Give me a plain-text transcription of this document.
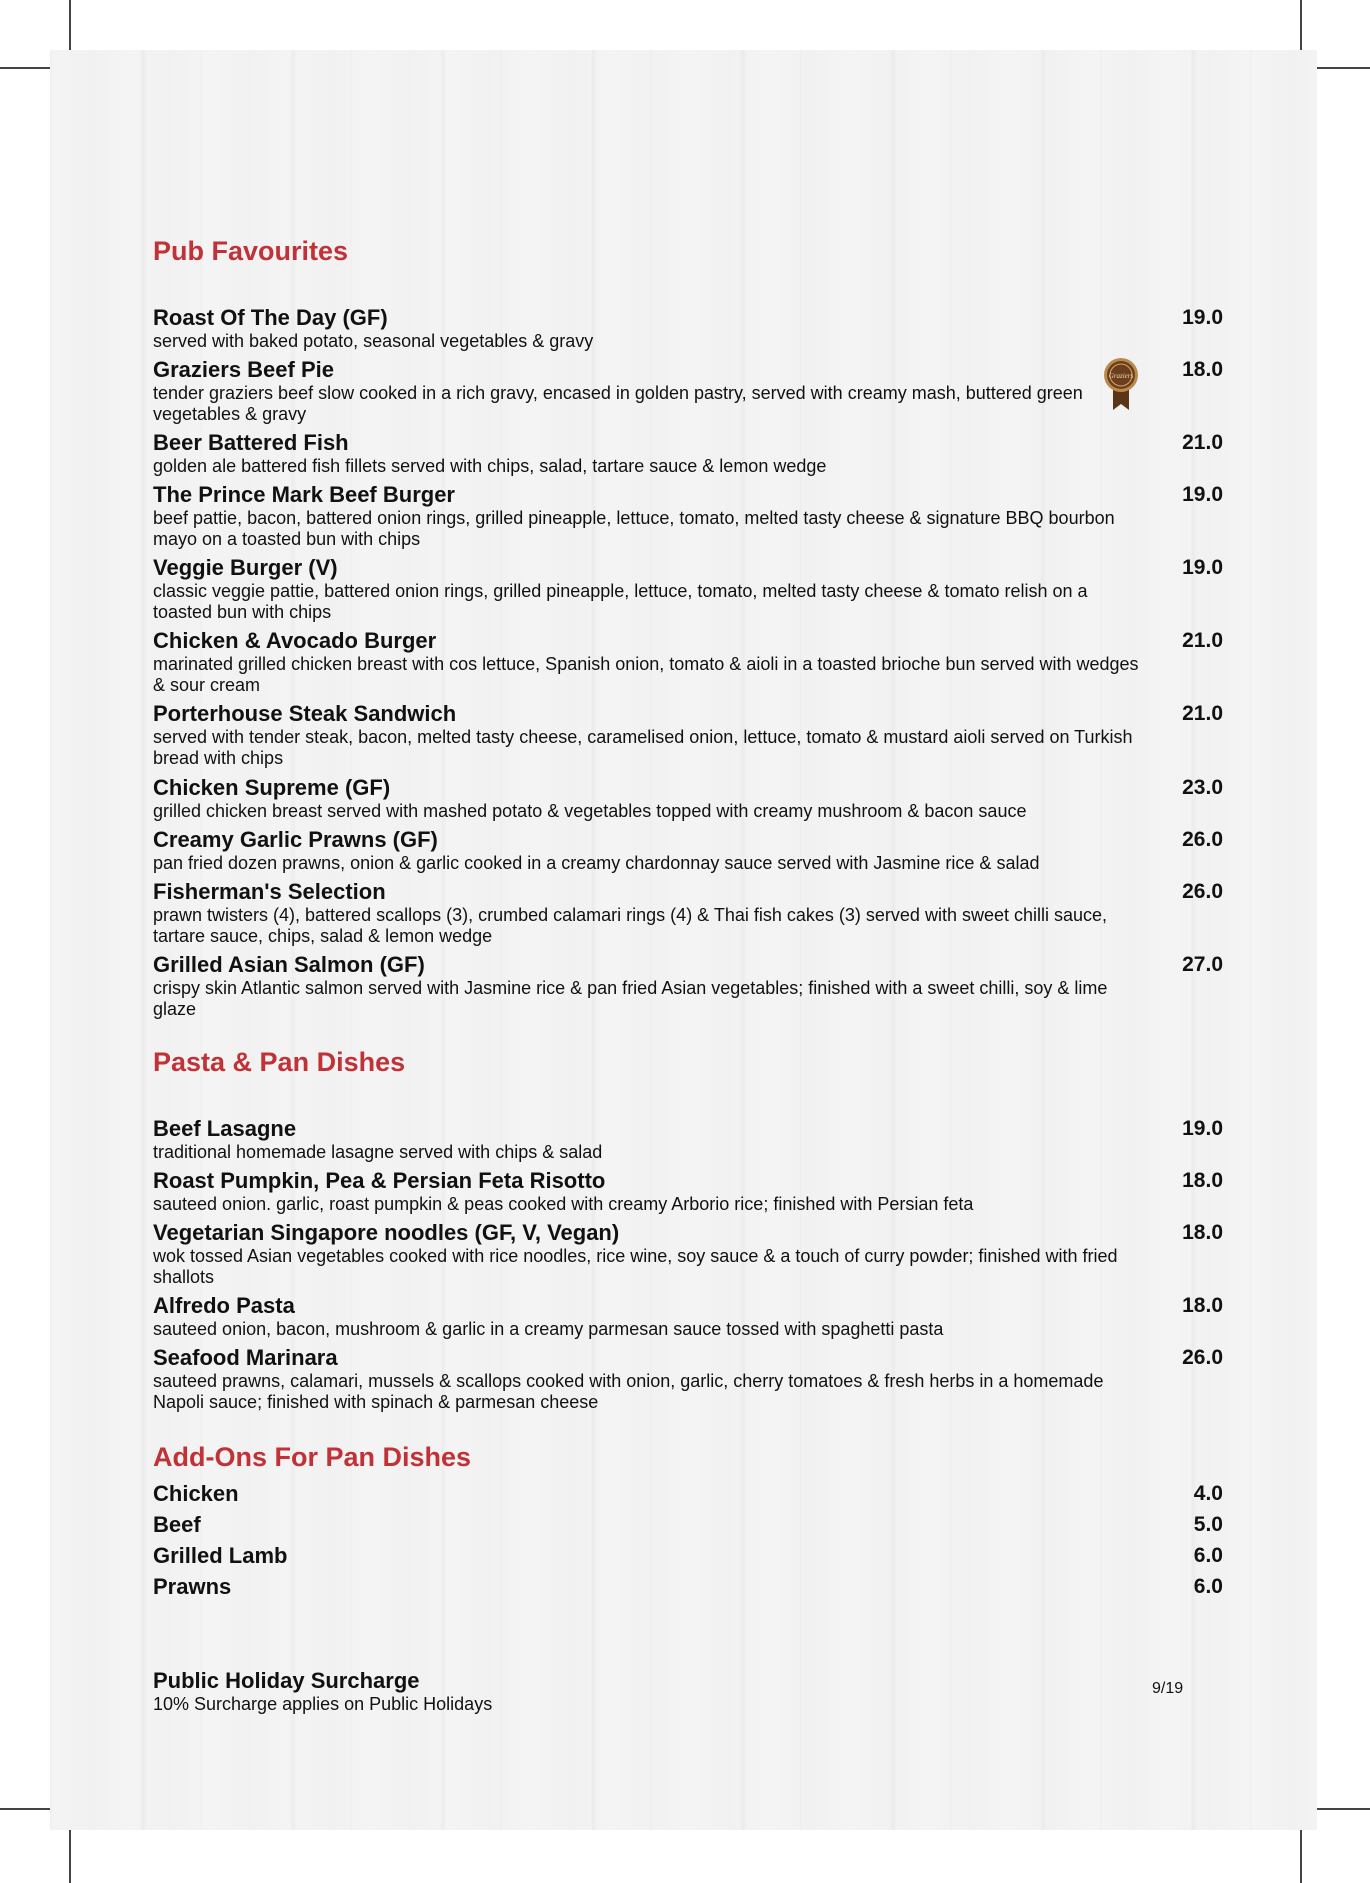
Pub Favourites
Roast Of The Day (GF)
served with baked potato, seasonal vegetables & gravy
19.0
Graziers Beef Pie
tender graziers beef slow cooked in a rich gravy, encased in golden pastry, served with creamy mash, buttered green vegetables & gravy
18.0
Beer Battered Fish
golden ale battered fish fillets served with chips, salad, tartare sauce & lemon wedge
21.0
The Prince Mark Beef Burger
beef pattie, bacon, battered onion rings, grilled pineapple, lettuce, tomato, melted tasty cheese & signature BBQ bourbon mayo on a toasted bun with chips
19.0
Veggie Burger (V)
classic veggie pattie, battered onion rings, grilled pineapple, lettuce, tomato, melted tasty cheese & tomato relish on a toasted bun with chips
19.0
Chicken & Avocado Burger
marinated grilled chicken breast with cos lettuce, Spanish onion, tomato & aioli in a toasted brioche bun served with wedges & sour cream
21.0
Porterhouse Steak Sandwich
served with tender steak, bacon, melted tasty cheese, caramelised onion, lettuce, tomato & mustard aioli served on Turkish bread with chips
21.0
Chicken Supreme (GF)
grilled chicken breast served with mashed potato & vegetables topped with creamy mushroom & bacon sauce
23.0
Creamy Garlic Prawns (GF)
pan fried dozen prawns, onion & garlic cooked in a creamy chardonnay sauce served with Jasmine rice & salad
26.0
Fisherman's Selection
prawn twisters (4), battered scallops (3), crumbed calamari rings (4) & Thai fish cakes (3) served with sweet chilli sauce, tartare sauce, chips, salad & lemon wedge
26.0
Grilled Asian Salmon (GF)
crispy skin Atlantic salmon served with Jasmine rice & pan fried Asian vegetables; finished with a sweet chilli, soy & lime glaze
27.0
Graziers
Pasta & Pan Dishes
Beef Lasagne
traditional homemade lasagne served with chips & salad
19.0
Roast Pumpkin, Pea & Persian Feta Risotto
sauteed onion. garlic, roast pumpkin & peas cooked with creamy Arborio rice; finished with Persian feta
18.0
Vegetarian Singapore noodles (GF, V, Vegan)
wok tossed Asian vegetables cooked with rice noodles, rice wine, soy sauce & a touch of curry powder; finished with fried shallots
18.0
Alfredo Pasta
sauteed onion, bacon, mushroom & garlic in a creamy parmesan sauce tossed with spaghetti pasta
18.0
Seafood Marinara
sauteed prawns, calamari, mussels & scallops cooked with onion, garlic, cherry tomatoes & fresh herbs in a homemade Napoli sauce; finished with spinach & parmesan cheese
26.0
Add-Ons For Pan Dishes
Chicken	4.0
Beef	5.0
Grilled Lamb	6.0
Prawns	6.0
Public Holiday Surcharge
10% Surcharge applies on Public Holidays
9/19
